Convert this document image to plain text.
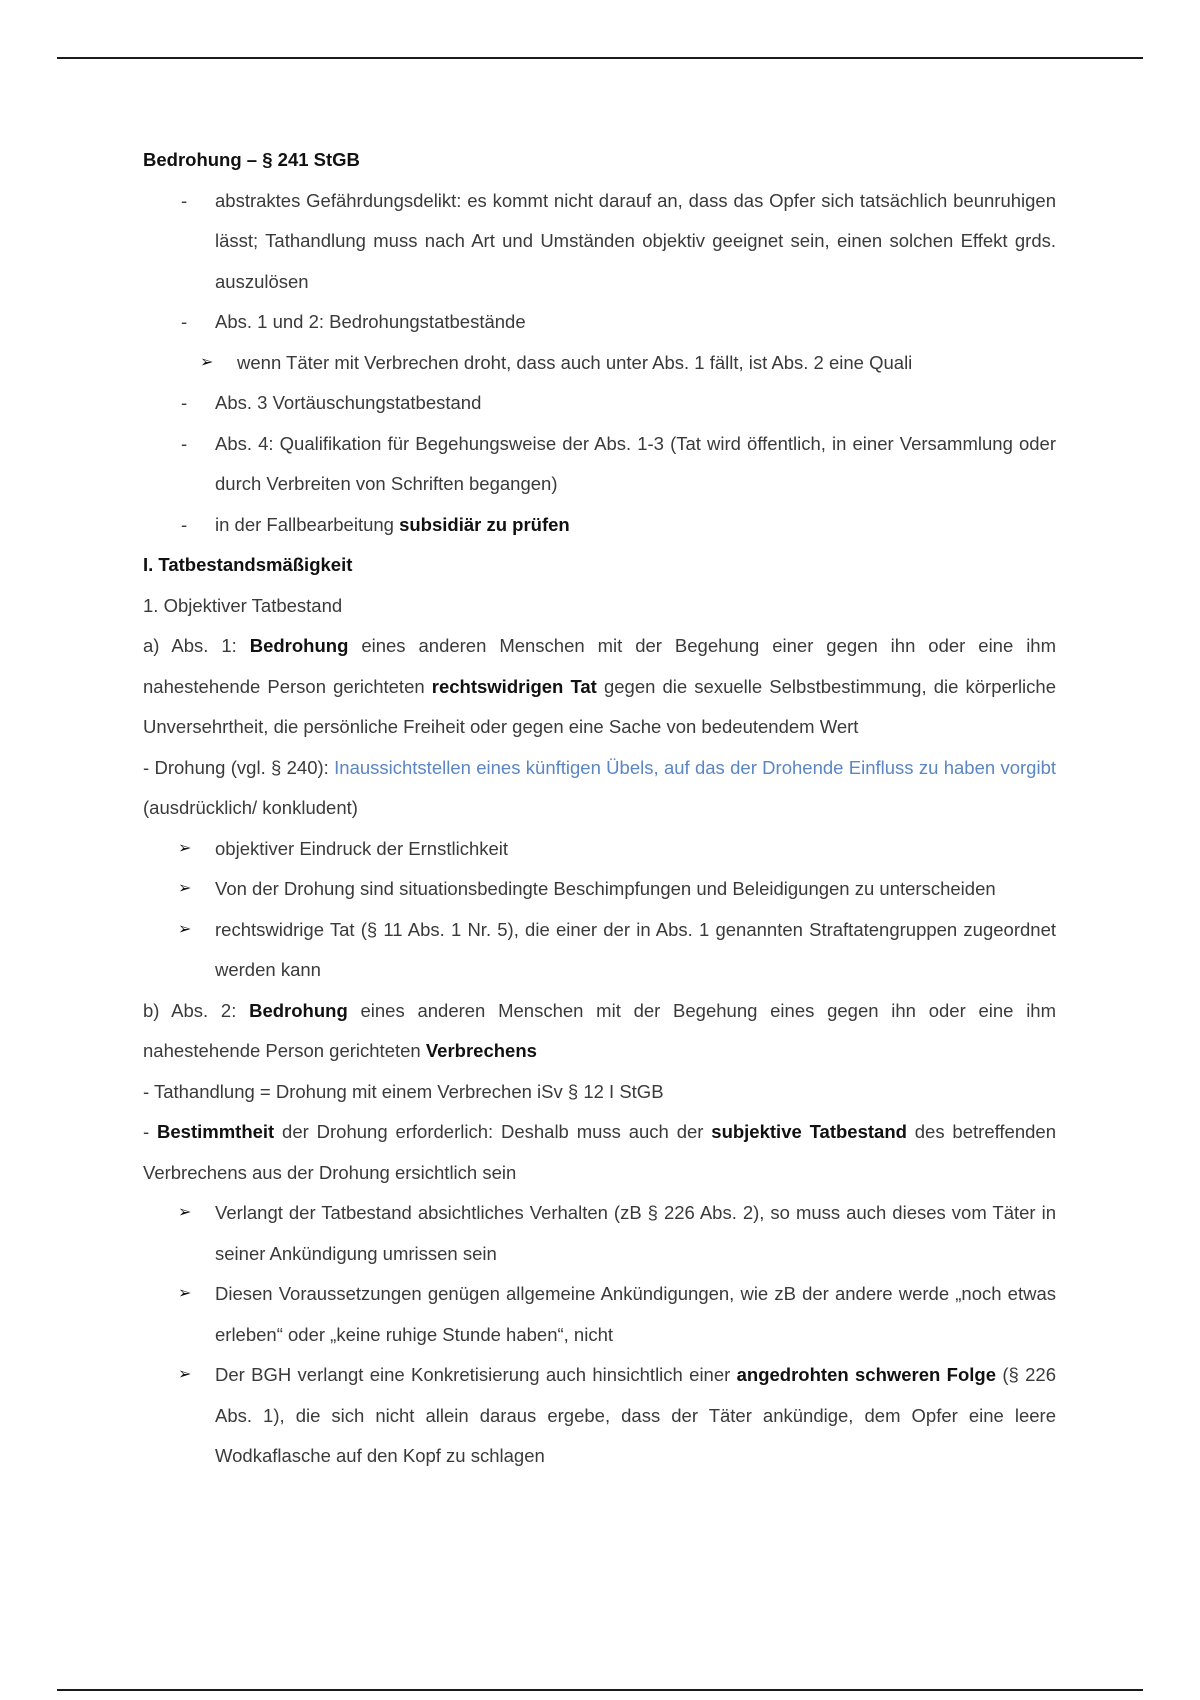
Bedrohung – § 241 StGB
- abstraktes Gefährdungsdelikt: es kommt nicht darauf an, dass das Opfer sich tatsächlich beunruhigen lässt; Tathandlung muss nach Art und Umständen objektiv geeignet sein, einen solchen Effekt grds. auszulösen
- Abs. 1 und 2: Bedrohungstatbestände
➢ wenn Täter mit Verbrechen droht, dass auch unter Abs. 1 fällt, ist Abs. 2 eine Quali
- Abs. 3 Vortäuschungstatbestand
- Abs. 4: Qualifikation für Begehungsweise der Abs. 1-3 (Tat wird öffentlich, in einer Versammlung oder durch Verbreiten von Schriften begangen)
- in der Fallbearbeitung subsidiär zu prüfen
I. Tatbestandsmäßigkeit
1. Objektiver Tatbestand
a) Abs. 1: Bedrohung eines anderen Menschen mit der Begehung einer gegen ihn oder eine ihm nahestehende Person gerichteten rechtswidrigen Tat gegen die sexuelle Selbstbestimmung, die körperliche Unversehrtheit, die persönliche Freiheit oder gegen eine Sache von bedeutendem Wert
- Drohung (vgl. § 240): Inaussichtstellen eines künftigen Übels, auf das der Drohende Einfluss zu haben vorgibt (ausdrücklich/ konkludent)
➢ objektiver Eindruck der Ernstlichkeit
➢ Von der Drohung sind situationsbedingte Beschimpfungen und Beleidigungen zu unterscheiden
➢ rechtswidrige Tat (§ 11 Abs. 1 Nr. 5), die einer der in Abs. 1 genannten Straftatengruppen zugeordnet werden kann
b) Abs. 2: Bedrohung eines anderen Menschen mit der Begehung eines gegen ihn oder eine ihm nahestehende Person gerichteten Verbrechens
- Tathandlung = Drohung mit einem Verbrechen iSv § 12 I StGB
- Bestimmtheit der Drohung erforderlich: Deshalb muss auch der subjektive Tatbestand des betreffenden Verbrechens aus der Drohung ersichtlich sein
➢ Verlangt der Tatbestand absichtliches Verhalten (zB § 226 Abs. 2), so muss auch dieses vom Täter in seiner Ankündigung umrissen sein
➢ Diesen Voraussetzungen genügen allgemeine Ankündigungen, wie zB der andere werde „noch etwas erleben“ oder „keine ruhige Stunde haben“, nicht
➢ Der BGH verlangt eine Konkretisierung auch hinsichtlich einer angedrohten schweren Folge (§ 226 Abs. 1), die sich nicht allein daraus ergebe, dass der Täter ankündige, dem Opfer eine leere Wodkaflasche auf den Kopf zu schlagen
